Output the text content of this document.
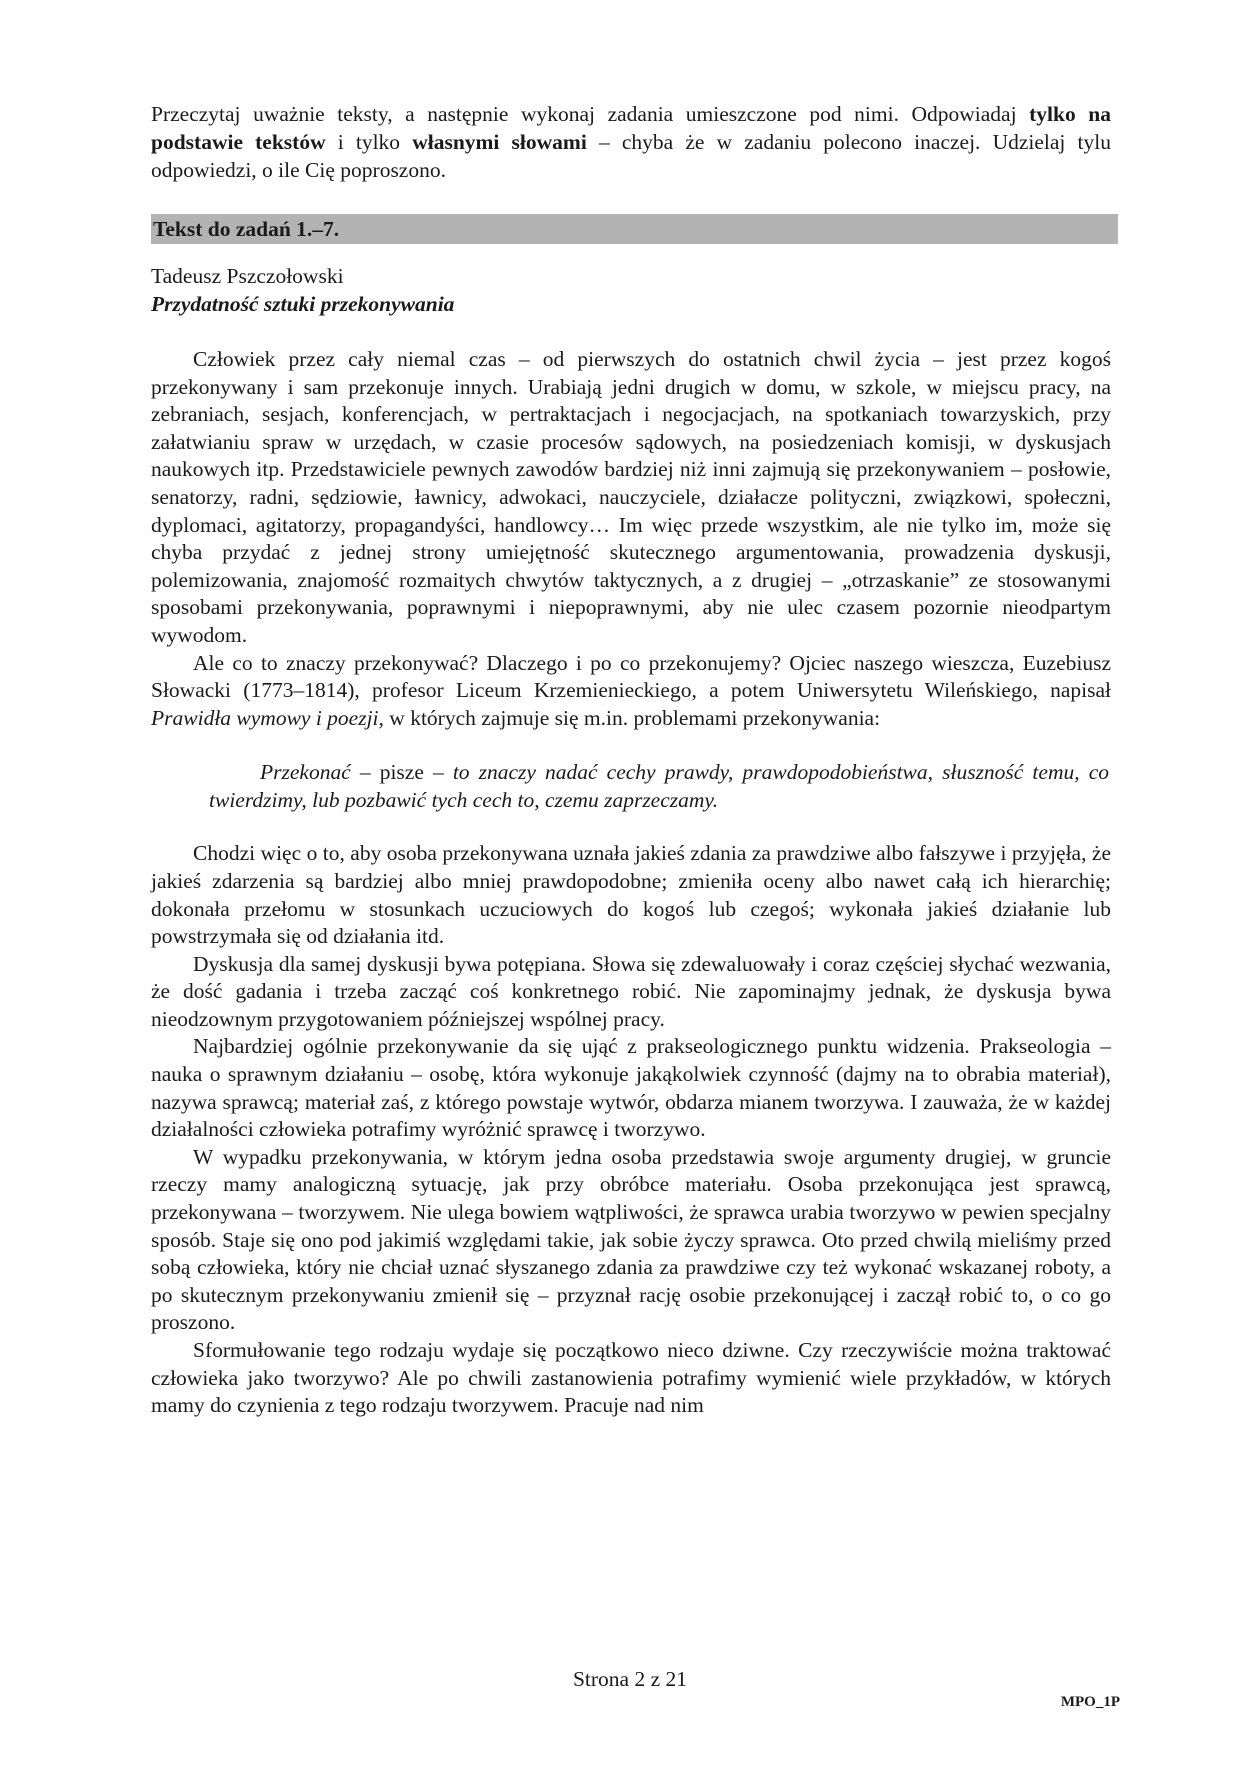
Przeczytaj uważnie teksty, a następnie wykonaj zadania umieszczone pod nimi. Odpowiadaj tylko na podstawie tekstów i tylko własnymi słowami – chyba że w zadaniu polecono inaczej. Udzielaj tylu odpowiedzi, o ile Cię poproszono.

Tekst do zadań 1.–7.
Tadeusz Pszczołowski
Przydatność sztuki przekonywania

Człowiek przez cały niemal czas – od pierwszych do ostatnich chwil życia – jest przez kogoś przekonywany i sam przekonuje innych. Urabiają jedni drugich w domu, w szkole, w miejscu pracy, na zebraniach, sesjach, konferencjach, w pertraktacjach i negocjacjach, na spotkaniach towarzyskich, przy załatwianiu spraw w urzędach, w czasie procesów sądowych, na posiedzeniach komisji, w dyskusjach naukowych itp. Przedstawiciele pewnych zawodów bardziej niż inni zajmują się przekonywaniem – posłowie, senatorzy, radni, sędziowie, ławnicy, adwokaci, nauczyciele, działacze polityczni, związkowi, społeczni, dyplomaci, agitatorzy, propagandyści, handlowcy… Im więc przede wszystkim, ale nie tylko im, może się chyba przydać z jednej strony umiejętność skutecznego argumentowania, prowadzenia dyskusji, polemizowania, znajomość rozmaitych chwytów taktycznych, a z drugiej – „otrzaskanie” ze stosowanymi sposobami przekonywania, poprawnymi i niepoprawnymi, aby nie ulec czasem pozornie nieodpartym wywodom.

Ale co to znaczy przekonywać? Dlaczego i po co przekonujemy? Ojciec naszego wieszcza, Euzebiusz Słowacki (1773–1814), profesor Liceum Krzemienieckiego, a potem Uniwersytetu Wileńskiego, napisał Prawidła wymowy i poezji, w których zajmuje się m.in. problemami przekonywania:

Przekonać – pisze – to znaczy nadać cechy prawdy, prawdopodobieństwa, słuszność temu, co twierdzimy, lub pozbawić tych cech to, czemu zaprzeczamy.

Chodzi więc o to, aby osoba przekonywana uznała jakieś zdania za prawdziwe albo fałszywe i przyjęła, że jakieś zdarzenia są bardziej albo mniej prawdopodobne; zmieniła oceny albo nawet całą ich hierarchię; dokonała przełomu w stosunkach uczuciowych do kogoś lub czegoś; wykonała jakieś działanie lub powstrzymała się od działania itd.

Dyskusja dla samej dyskusji bywa potępiana. Słowa się zdewaluowały i coraz częściej słychać wezwania, że dość gadania i trzeba zacząć coś konkretnego robić. Nie zapominajmy jednak, że dyskusja bywa nieodzownym przygotowaniem późniejszej wspólnej pracy.

Najbardziej ogólnie przekonywanie da się ująć z prakseologicznego punktu widzenia. Prakseologia – nauka o sprawnym działaniu – osobę, która wykonuje jakąkolwiek czynność (dajmy na to obrabia materiał), nazywa sprawcą; materiał zaś, z którego powstaje wytwór, obdarza mianem tworzywa. I zauważa, że w każdej działalności człowieka potrafimy wyróżnić sprawcę i tworzywo.

W wypadku przekonywania, w którym jedna osoba przedstawia swoje argumenty drugiej, w gruncie rzeczy mamy analogiczną sytuację, jak przy obróbce materiału. Osoba przekonująca jest sprawcą, przekonywana – tworzywem. Nie ulega bowiem wątpliwości, że sprawca urabia tworzywo w pewien specjalny sposób. Staje się ono pod jakimiś względami takie, jak sobie życzy sprawca. Oto przed chwilą mieliśmy przed sobą człowieka, który nie chciał uznać słyszanego zdania za prawdziwe czy też wykonać wskazanej roboty, a po skutecznym przekonywaniu zmienił się – przyznał rację osobie przekonującej i zaczął robić to, o co go proszono.

Sformułowanie tego rodzaju wydaje się początkowo nieco dziwne. Czy rzeczywiście można traktować człowieka jako tworzywo? Ale po chwili zastanowienia potrafimy wymienić wiele przykładów, w których mamy do czynienia z tego rodzaju tworzywem. Pracuje nad nim

Strona 2 z 21
MPO_1P
